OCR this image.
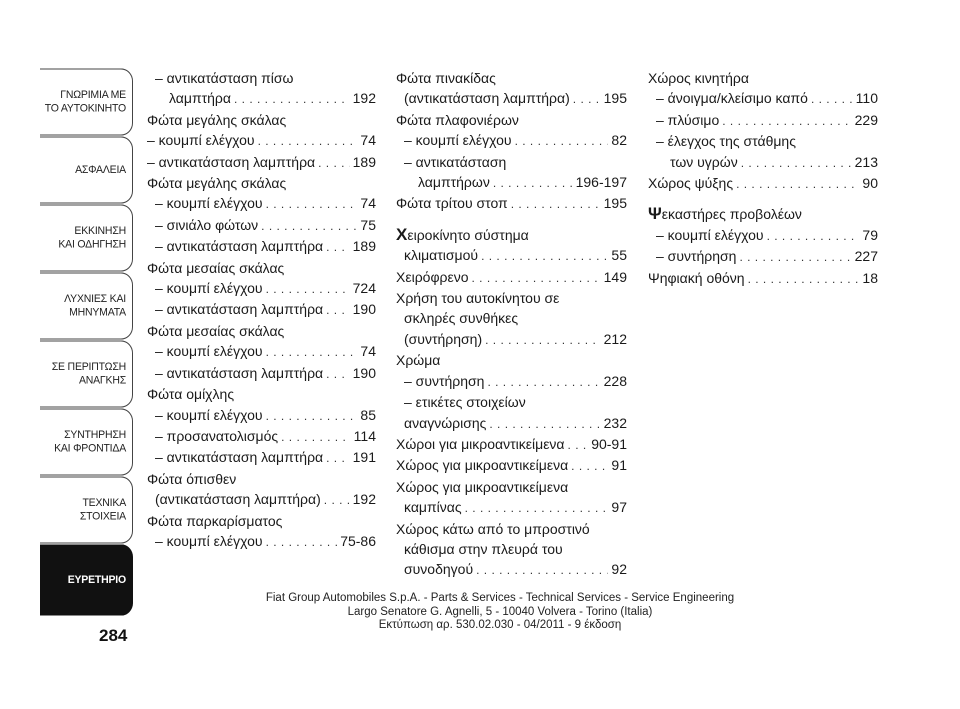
ΓΝΩΡΙΜΙΑ ΜΕ
ΤΟ ΑΥΤΟΚΙΝΗΤΟ
ΑΣΦΑΛΕΙΑ
ΕΚΚΙΝΗΣΗ
ΚΑΙ ΟΔΗΓΗΣΗ
ΛΥΧΝΙΕΣ ΚΑΙ
ΜΗΝΥΜΑΤΑ
ΣΕ ΠΕΡΙΠΤΩΣΗ
ΑΝΑΓΚΗΣ
ΣΥΝΤΗΡΗΣΗ
ΚΑΙ ΦΡΟΝΤΙΔΑ
ΤΕΧΝΙΚΑ
ΣΤΟΙΧΕΙΑ
ΕΥΡΕΤΗΡΙΟ
284
– αντικατάσταση πίσω
λαμπτήρα . . .	192
Φώτα μεγάλης σκάλας
– κουμπί ελέγχου . . .	74
– αντικατάσταση λαμπτήρα . . .	189
Φώτα μεγάλης σκάλας
– κουμπί ελέγχου . . .	74
– σινιάλο φώτων . . .	75
– αντικατάσταση λαμπτήρα . . . 189
Φώτα μεσαίας σκάλας
– κουμπί ελέγχου . . .	724
– αντικατάσταση λαμπτήρα . . . 190
Φώτα μεσαίας σκάλας
– κουμπί ελέγχου . . .	74
– αντικατάσταση λαμπτήρα . . . 190
Φώτα ομίχλης
– κουμπί ελέγχου . . .	85
– προσανατολισμός . . .	114
– αντικατάσταση λαμπτήρα . . . 191
Φώτα όπισθεν
(αντικατάσταση λαμπτήρα) . . . 192
Φώτα παρκαρίσματος
– κουμπί ελέγχου . . .	75-86
Φώτα πινακίδας
(αντικατάσταση λαμπτήρα) . . . 195
Φώτα πλαφονιέρων
– κουμπί ελέγχου . . .	82
– αντικατάσταση
λαμπτήρων . . .	196-197
Φώτα τρίτου στοπ . . .	195
Χειροκίνητο σύστημα
κλιματισμού . . .	55
Χειρόφρενο . . .	149
Χρήση του αυτοκίνητου σε
σκληρές συνθήκες
(συντήρηση) . . .	212
Χρώμα
– συντήρηση . . .	228
– ετικέτες στοιχείων
αναγνώρισης . . .	232
Χώροι για μικροαντικείμενα . . . 90-91
Χώρος για μικροαντικείμενα . . .	91
Χώρος για μικροαντικείμενα
καμπίνας . . .	97
Χώρος κάτω από το μπροστινό
κάθισμα στην πλευρά του
συνοδηγού . . .	92
Χώρος κινητήρα
– άνοιγμα/κλείσιμο καπό . . .	110
– πλύσιμο . . .	229
– έλεγχος της στάθμης
των υγρών . . .	213
Χώρος ψύξης . . .	90
Ψεκαστήρες προβολέων
– κουμπί ελέγχου . . .	79
– συντήρηση . . .	227
Ψηφιακή οθόνη . . .	18
Fiat Group Automobiles S.p.A. - Parts & Services - Technical Services - Service Engineering
Largo Senatore G. Agnelli, 5 - 10040 Volvera - Torino (Italia)
Εκτύπωση αρ. 530.02.030 - 04/2011 - 9 έκδοση
